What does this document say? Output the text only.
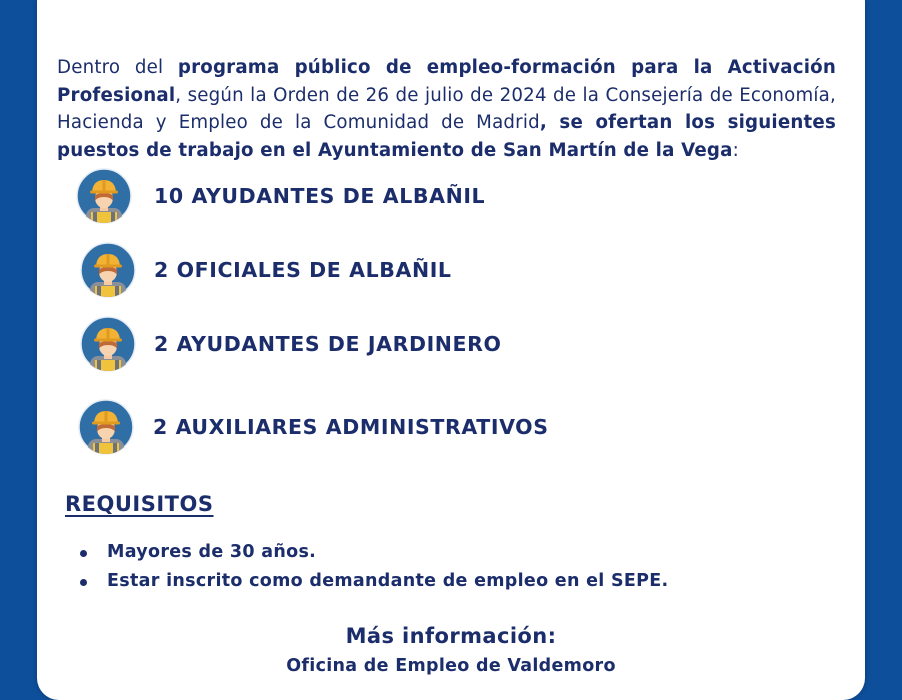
Dentro del programa público de empleo-formación para la Activación Profesional, según la Orden de 26 de julio de 2024 de la Consejería de Economía, Hacienda y Empleo de la Comunidad de Madrid, se ofertan los siguientes puestos de trabajo en el Ayuntamiento de San Martín de la Vega:

10 AYUDANTES DE ALBAÑIL
2 OFICIALES DE ALBAÑIL
2 AYUDANTES DE JARDINERO
2 AUXILIARES ADMINISTRATIVOS
REQUISITOS
Mayores de 30 años.
Estar inscrito como demandante de empleo en el SEPE.
Más información:
Oficina de Empleo de Valdemoro
